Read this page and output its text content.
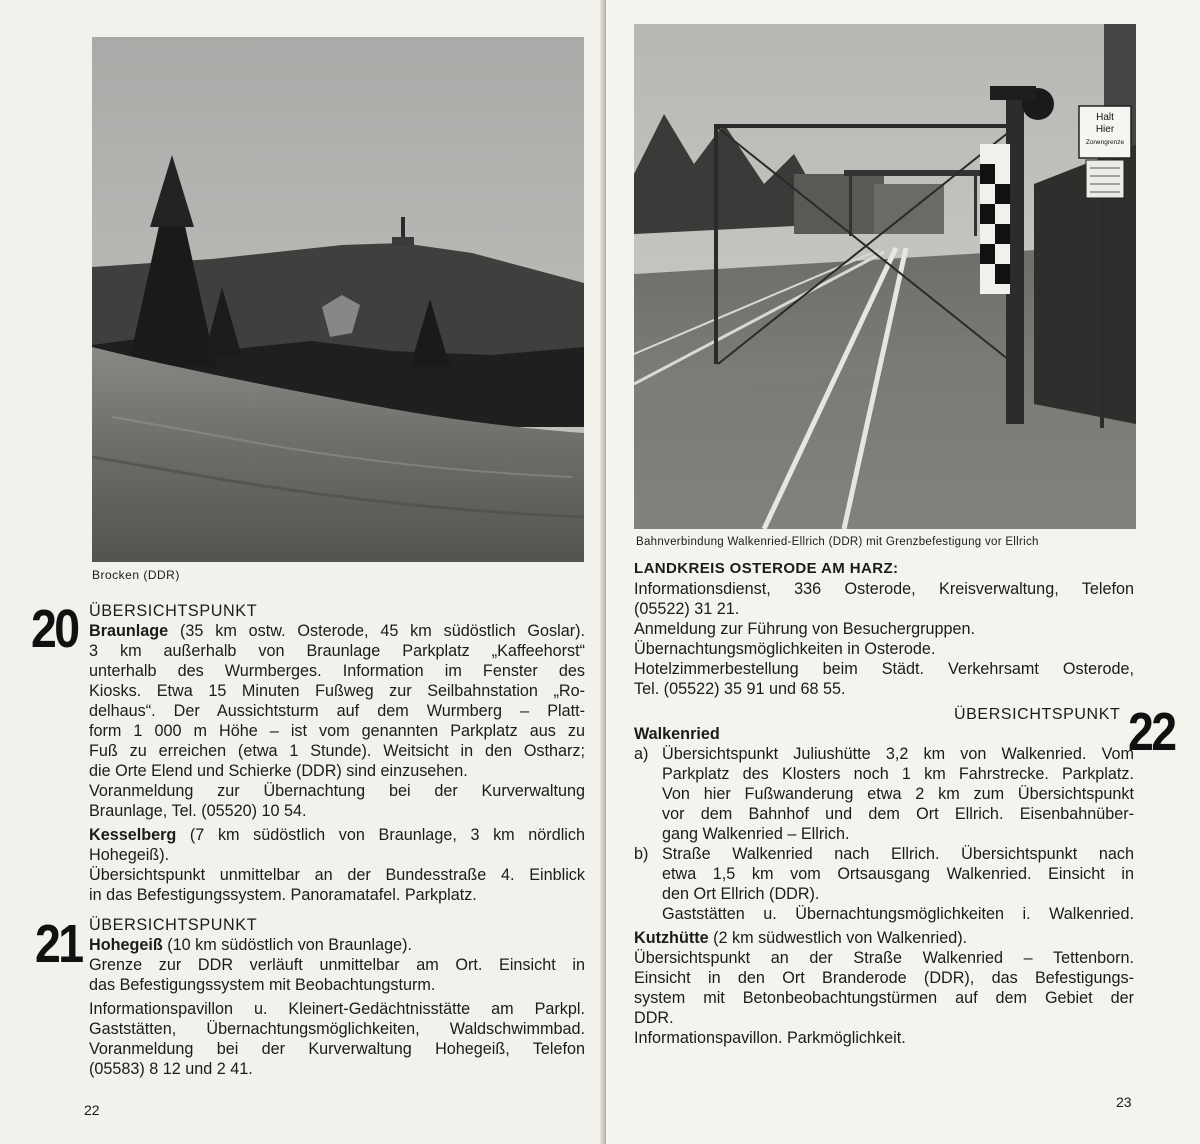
Brocken (DDR)
20 ÜBERSICHTSPUNKT

Braunlage (35 km ostw. Osterode, 45 km südöstlich Goslar).

3 km außerhalb von Braunlage Parkplatz „Kaffeehorst“

unterhalb des Wurmberges. Information im Fenster des

Kiosks. Etwa 15 Minuten Fußweg zur Seilbahnstation „Ro-

delhaus“. Der Aussichtsturm auf dem Wurmberg – Platt-

form 1 000 m Höhe – ist vom genannten Parkplatz aus zu

Fuß zu erreichen (etwa 1 Stunde). Weitsicht in den Ostharz;

die Orte Elend und Schierke (DDR) sind einzusehen.

Voranmeldung zur Übernachtung bei der Kurverwaltung

Braunlage, Tel. (05520) 10 54.

Kesselberg (7 km südöstlich von Braunlage, 3 km nördlich

Hohegeiß).

Übersichtspunkt unmittelbar an der Bundesstraße 4. Einblick

in das Befestigungssystem. Panoramatafel. Parkplatz.

21 ÜBERSICHTSPUNKT

Hohegeiß (10 km südöstlich von Braunlage).

Grenze zur DDR verläuft unmittelbar am Ort. Einsicht in

das Befestigungssystem mit Beobachtungsturm.

Informationspavillon u. Kleinert-Gedächtnisstätte am Parkpl.

Gaststätten, Übernachtungsmöglichkeiten, Waldschwimmbad.

Voranmeldung bei der Kurverwaltung Hohegeiß, Telefon

(05583) 8 12 und 2 41.

22
Halt
Hier
Zonengrenze
Bahnverbindung Walkenried-Ellrich (DDR) mit Grenzbefestigung vor Ellrich

LANDKREIS OSTERODE AM HARZ:

Informationsdienst, 336 Osterode, Kreisverwaltung, Telefon

(05522) 31 21.

Anmeldung zur Führung von Besuchergruppen.

Übernachtungsmöglichkeiten in Osterode.

Hotelzimmerbestellung beim Städt. Verkehrsamt Osterode,

Tel. (05522) 35 91 und 68 55.

ÜBERSICHTSPUNKT 22

Walkenried

a) Übersichtspunkt Juliushütte 3,2 km von Walkenried. Vom

Parkplatz des Klosters noch 1 km Fahrstrecke. Parkplatz.

Von hier Fußwanderung etwa 2 km zum Übersichtspunkt

vor dem Bahnhof und dem Ort Ellrich. Eisenbahnüber-

gang Walkenried – Ellrich.

b) Straße Walkenried nach Ellrich. Übersichtspunkt nach

etwa 1,5 km vom Ortsausgang Walkenried. Einsicht in

den Ort Ellrich (DDR).

Gaststätten u. Übernachtungsmöglichkeiten i. Walkenried.

Kutzhütte (2 km südwestlich von Walkenried).

Übersichtspunkt an der Straße Walkenried – Tettenborn.

Einsicht in den Ort Branderode (DDR), das Befestigungs-

system mit Betonbeobachtungstürmen auf dem Gebiet der

DDR.

Informationspavillon. Parkmöglichkeit.

23
